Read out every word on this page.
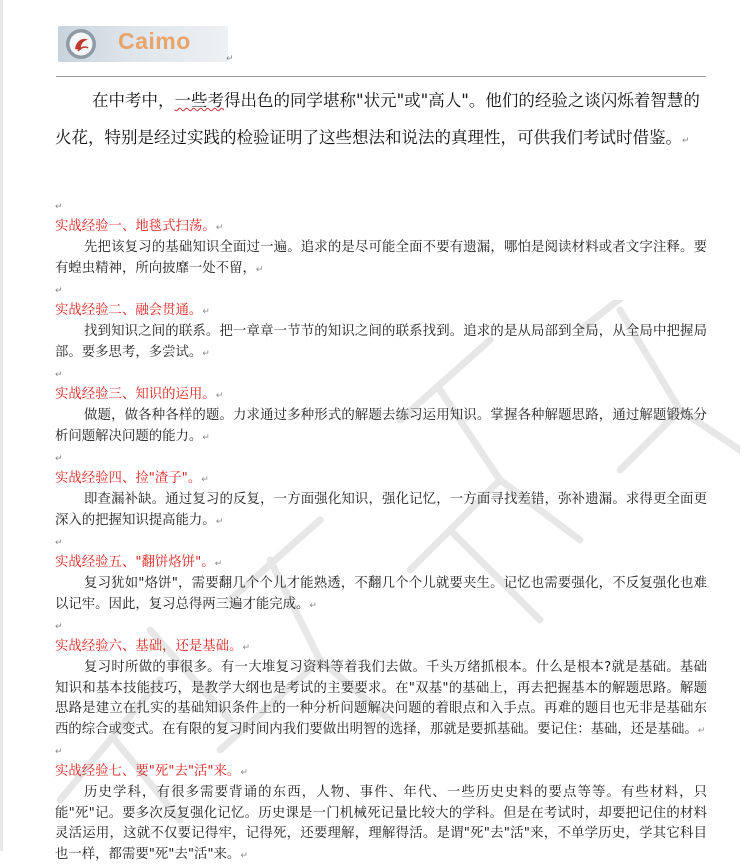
Caimo
↵

在中考中，一些考得出色的同学堪称"状元"或"高人"。他们的经验之谈闪烁着智慧的火花，特别是经过实践的检验证明了这些想法和说法的真理性，可供我们考试时借鉴。↵

↵

实战经验一、地毯式扫荡。↵

先把该复习的基础知识全面过一遍。追求的是尽可能全面不要有遗漏，哪怕是阅读材料或者文字注释。要有蝗虫精神，所向披靡一处不留，↵

↵

实战经验二、融会贯通。↵

找到知识之间的联系。把一章章一节节的知识之间的联系找到。追求的是从局部到全局，从全局中把握局部。要多思考，多尝试。↵

↵

实战经验三、知识的运用。↵

做题，做各种各样的题。力求通过多种形式的解题去练习运用知识。掌握各种解题思路，通过解题锻炼分析问题解决问题的能力。↵

↵

实战经验四、捡"渣子"。↵

即查漏补缺。通过复习的反复，一方面强化知识，强化记忆，一方面寻找差错，弥补遗漏。求得更全面更深入的把握知识提高能力。↵

↵

实战经验五、"翻饼烙饼"。↵

复习犹如"烙饼"，需要翻几个个儿才能熟透，不翻几个个儿就要夹生。记忆也需要强化，不反复强化也难以记牢。因此，复习总得两三遍才能完成。↵

↵

实战经验六、基础，还是基础。↵

复习时所做的事很多。有一大堆复习资料等着我们去做。千头万绪抓根本。什么是根本?就是基础。基础知识和基本技能技巧，是教学大纲也是考试的主要要求。在"双基"的基础上，再去把握基本的解题思路。解题思路是建立在扎实的基础知识条件上的一种分析问题解决问题的着眼点和入手点。再难的题目也无非是基础东西的综合或变式。在有限的复习时间内我们要做出明智的选择，那就是要抓基础。要记住：基础，还是基础。↵

↵

实战经验七、要"死"去"活"来。↵

历史学科，有很多需要背诵的东西，人物、事件、年代、一些历史史料的要点等等。有些材料，只能"死"记。要多次反复强化记忆。历史课是一门机械死记量比较大的学科。但是在考试时，却要把记住的材料灵活运用，这就不仅要记得牢，记得死，还要理解，理解得活。是谓"死"去"活"来，不单学历史，学其它科目也一样，都需要"死"去"活"来。↵
